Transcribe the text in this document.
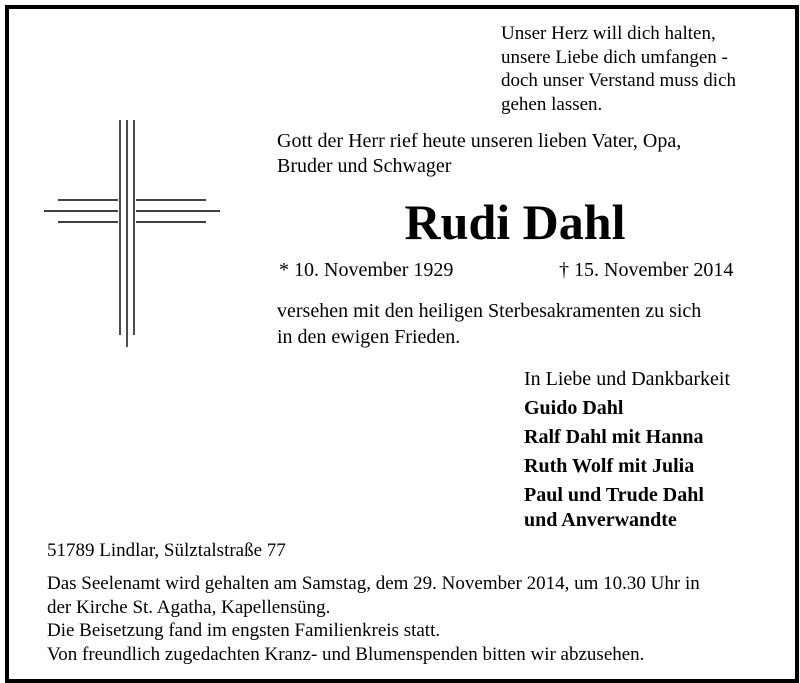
Unser Herz will dich halten,
unsere Liebe dich umfangen -
doch unser Verstand muss dich
gehen lassen.
Gott der Herr rief heute unseren lieben Vater, Opa,
Bruder und Schwager
Rudi Dahl
* 10. November 1929	† 15. November 2014
versehen mit den heiligen Sterbesakramenten zu sich
in den ewigen Frieden.
In Liebe und Dankbarkeit
Guido Dahl
Ralf Dahl mit Hanna
Ruth Wolf mit Julia
Paul und Trude Dahl
und Anverwandte
51789 Lindlar, Sülztalstraße 77
Das Seelenamt wird gehalten am Samstag, dem 29. November 2014, um 10.30 Uhr in
der Kirche St. Agatha, Kapellensüng.
Die Beisetzung fand im engsten Familienkreis statt.
Von freundlich zugedachten Kranz- und Blumenspenden bitten wir abzusehen.
